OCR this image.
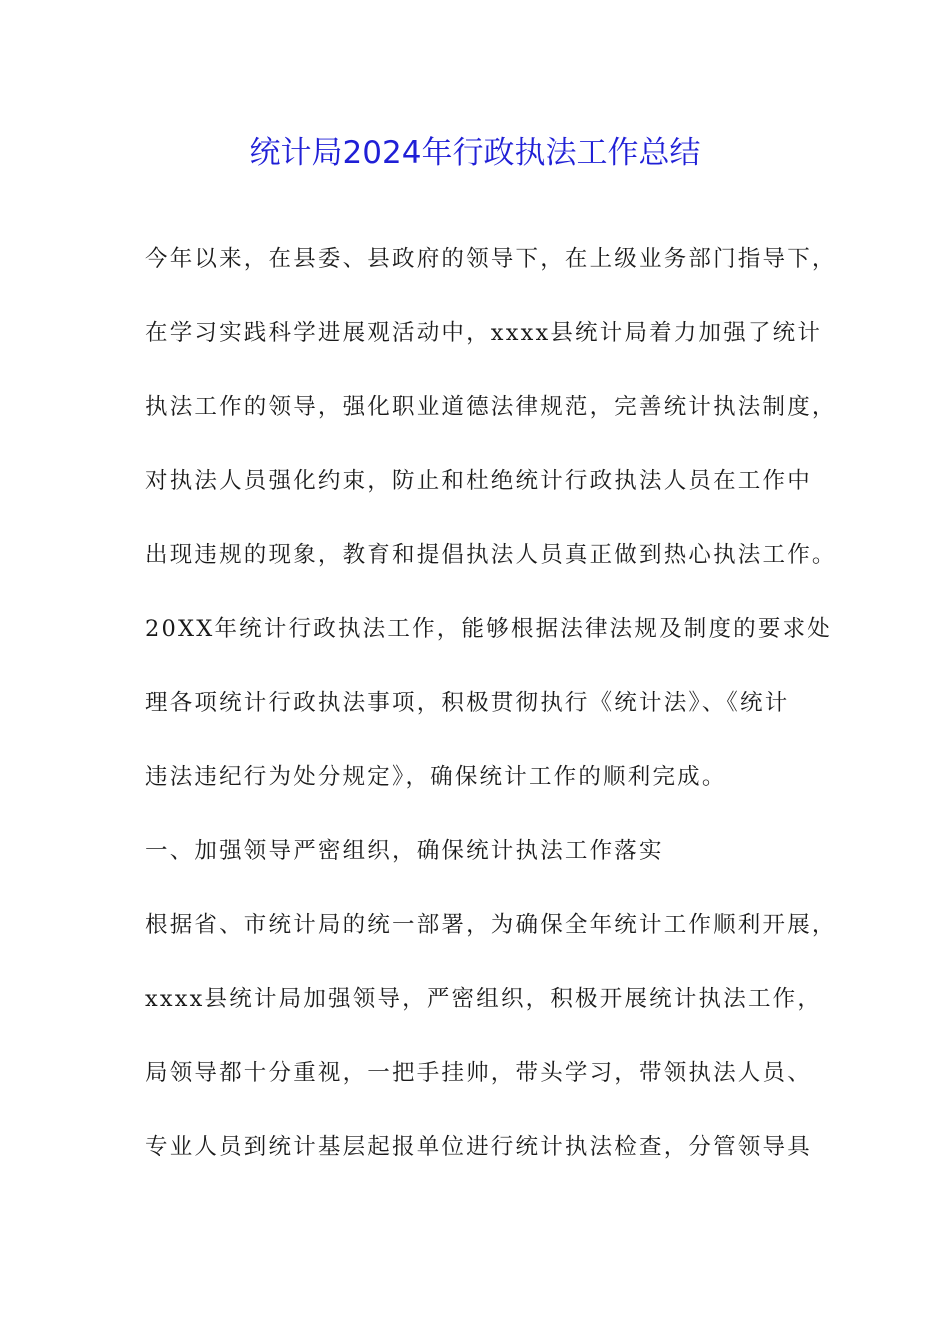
统计局2024年行政执法工作总结
今年以来，在县委、县政府的领导下，在上级业务部门指导下，
在学习实践科学进展观活动中，xxxx县统计局着力加强了统计
执法工作的领导，强化职业道德法律规范，完善统计执法制度，
对执法人员强化约束，防止和杜绝统计行政执法人员在工作中
出现违规的现象，教育和提倡执法人员真正做到热心执法工作。
20XX年统计行政执法工作，能够根据法律法规及制度的要求处
理各项统计行政执法事项，积极贯彻执行《统计法》、《统计
违法违纪行为处分规定》，确保统计工作的顺利完成。
一、加强领导严密组织，确保统计执法工作落实
根据省、市统计局的统一部署，为确保全年统计工作顺利开展，
xxxx县统计局加强领导，严密组织，积极开展统计执法工作，
局领导都十分重视，一把手挂帅，带头学习，带领执法人员、
专业人员到统计基层起报单位进行统计执法检查，分管领导具
